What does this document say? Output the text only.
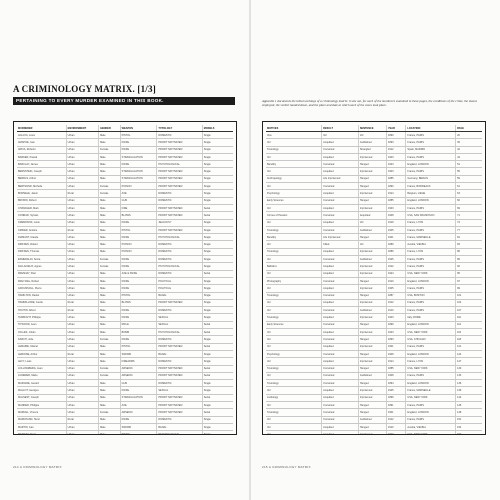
A CRIMINOLOGY MATRIX. [1/3]
PERTAINING TO EVERY MURDER EXAMINED IN THIS BOOK.
MURDERER	ENVIRONMENT	GENDER	WEAPON	TYPOLOGY	MODELS
AGLAYA, Louis	Urban	Male	PISTOL	DOMESTIC	Single
AMAPOE, Ivan	Urban	Male	KNIFE	PROFIT MOTIVATED	Single
ARFIA, Roberto	Urban	Female	KNIFE	PROFIT MOTIVATED	Single
BARKER, Pascal	Urban	Male	STRANGULATION	PROFIT MOTIVATED	Single
BARCLAY, James	Urban	Male	KNIFE	PSYCHOLOGICAL	Single
BERNSTEIN, Joseph	Urban	Male	STRANGULATION	PROFIT MOTIVATED	Single
BERRLS, Arthur	Urban	Male	STRANGULATION	PROFIT MOTIVATED	Single
BERTRAND, Michelle	Urban	Female	POISON	PROFIT MOTIVATED	Single
BORSELE, Jason	Rural	Female	AXE	DOMESTIC	Single
BROWN, Robert	Urban	Male	GUN	DOMESTIC	Single
CHANDLER, Mark	Urban	Male	FIRE	PROFIT MOTIVATED	Serial
CONRAD, Sylvain	Urban	Male	BLOWS	PROFIT MOTIVATED	Serial
CREMONINI, Louis	Urban	Male	KNIFE	JEALOUSY	Single
CRIDER, Antoine	Rural	Male	PISTOL	PROFIT MOTIVATED	Single
DIAMANT, Claude	Urban	Male	KNIFE	PSYCHOLOGICAL	Single
DRIFFEN, Robert	Urban	Male	POISON	DOMESTIC	Single
DRIFFEN, Thomas	Urban	Male	POISON	DOMESTIC	Single
ESMERALDI, Sonia	Urban	Female	KNIFE	DOMESTIC	Single
FALLACIEUX, Agnes	Urban	Female	KNIFE	PSYCHOLOGICAL	Single
FRESNAY, Paul	Urban	Male	AXE & KNIFE	DOMESTIC	Serial
FREY-DEL, Robert	Urban	Male	KNIFE	POLITICAL	Single
GROUSSOLL, Pierre	Urban	Male	KNIFE	POLITICAL	Single
HAMILTON, Daniel	Urban	Male	PISTOL	BANAL	Single
HAMMILLORE, Cecile	Rural	Male	BLOWS	PROFIT MOTIVATED	Single
HOUTIN, Alfred	Rural	Male	KNIFE	DOMESTIC	Single
HURRIAHT, Philippe	Urban	Male	KNIFE	SEXUAL	Single
HYWOOD, Jean	Urban	Male	RIFLE	SEXUAL	Serial
JOLLES, Johan	Urban	Male	BOMB	PSYCHOLOGICAL	Serial
KARCH, Julie	Urban	Female	KNIFE	DOMESTIC	Single
LEMAIRE, Marcel	Urban	Male	PISTOL	PROFIT MOTIVATED	Serial
LEMOINE, Arthur	Rural	Male	SWORD	BANAL	Single
LEVY, Louis	Urban	Male	FIREARMS	DOMESTIC	Single
LOLLINGBERG, Jean	Urban	Female	ARSENIC	PROFIT MOTIVATED	Serial
LUDERER, Marie	Urban	Female	ARSENIC	PROFIT MOTIVATED	Serial
MAINGRE, Gerard	Urban	Male	GUN	DOMESTIC	Single
MALLOT, Georges	Urban	Male	KNIFE	SEXUAL	Single
MALSEST, Joseph	Urban	Male	STRANGULATION	PROFIT MOTIVATED	Serial
MANDER, Philippe	Urban	Male	AXE	PROFIT MOTIVATED	Single
MARCEL, Vincent	Urban	Female	ARSENIC	PROFIT MOTIVATED	Serial
MARCHAND, Henri	Rural	Male	KNIFE	DOMESTIC	Single
MARTIN, Ivan	Urban	Male	SWORD	BANAL	Single
MEISSAT, Henri	Urban	Male	PISTOL	PSYCHOLOGICAL	Single
214 A CRIMINOLOGY MATRIX
Appendix 1 documents the lethal workings of a criminology matrix: it sets out, for each of the murderers examined in these pages, the conditions of the crime, the means employed, the verdict handed down, and the place and date at which each of the cases took place.
MOTIVES	RESULT	SENTENCE	YEAR	LOCATION	PAGE
Vice	Vol	Vol	1890	France, PARIS	20
Vol	Acquitted	Guillotined	1893	France, PARIS	35
Toxicology	Convicted	Strangled	1912	Spain, MADRID	42
Vol	Acquitted	Imprisoned	1903	France, PARIS	44
Banditry	Convicted	Hanged	1923	England, LONDON	51
Vol	Acquitted	Imprisoned	1903	France, PARIS	55
Anthropology	Life Imprisoned	Hanged	1885	Germany, BERLIN	59
Vol	Convicted	Hanged	1890	France, BORDEAUX	61
Psychology	Acquitted	Imprisoned	1914	Belgium, LIEGE	63
Early Sciences	Convicted	Hanged	1885	England, LONDON	66
Vol	Acquitted	Imprisoned	1903	France, PARIS	69
Crimes of Passion	Convicted	Acquitted	1908	USA, SAN FRANCISCO	71
Vol	Acquitted	Vol	1919	France, LYON	74
Toxicology	Convicted	Guillotined	1905	France, PARIS	77
Banditry	Life Imprisoned	Hanged	1901	France, MARSEILLE	81
Vol	Killed	Vol	1889	Austria, VIENNA	83
Toxicology	Acquitted	Imprisoned	1889	France, LYON	86
Vol	Convicted	Guillotined	1925	France, PARIS	89
Ballistics	Acquitted	Imprisoned	1912	France, PARIS	92
Vol	Acquitted	Imprisoned	1924	USA, NEW YORK	95
Photography	Convicted	Hanged	1910	England, LONDON	97
Vol	Acquitted	Imprisoned	1905	France, PARIS	99
Toxicology	Convicted	Hanged	1887	USA, BOSTON	101
Vol	Acquitted	Imprisoned	1912	France, PARIS	104
Vol	Convicted	Guillotined	1910	France, PARIS	107
Toxicology	Acquitted	Imprisoned	1903	Italy, ROME	110
Early Sciences	Convicted	Hanged	1899	England, LONDON	112
Vol	Acquitted	Imprisoned	1923	USA, NEW YORK	115
Vol	Convicted	Hanged	1893	USA, CHICAGO	118
Vol	Acquitted	Imprisoned	1901	France, PARIS	121
Psychology	Convicted	Hanged	1908	England, LONDON	124
Vol	Acquitted	Imprisoned	1914	France, LYON	127
Toxicology	Convicted	Hanged	1885	USA, NEW YORK	130
Vol	Convicted	Guillotined	1908	France, PARIS	133
Toxicology	Convicted	Hanged	1894	England, LONDON	136
Vol	Acquitted	Imprisoned	1925	France, MARSEILLE	139
Lividology	Acquitted	Imprisoned	1899	USA, NEW YORK	142
Vol	Convicted	Hanged	1891	France, PARIS	145
Toxicology	Convicted	Hanged	1901	England, LONDON	148
Vol	Convicted	Guillotined	1912	France, PARIS	151
Vol	Acquitted	Hanged	1910	Austria, VIENNA	154
Vol	Acquitted	Imprisoned	1903	USA, NEW YORK	157
215 A CRIMINOLOGY MATRIX
